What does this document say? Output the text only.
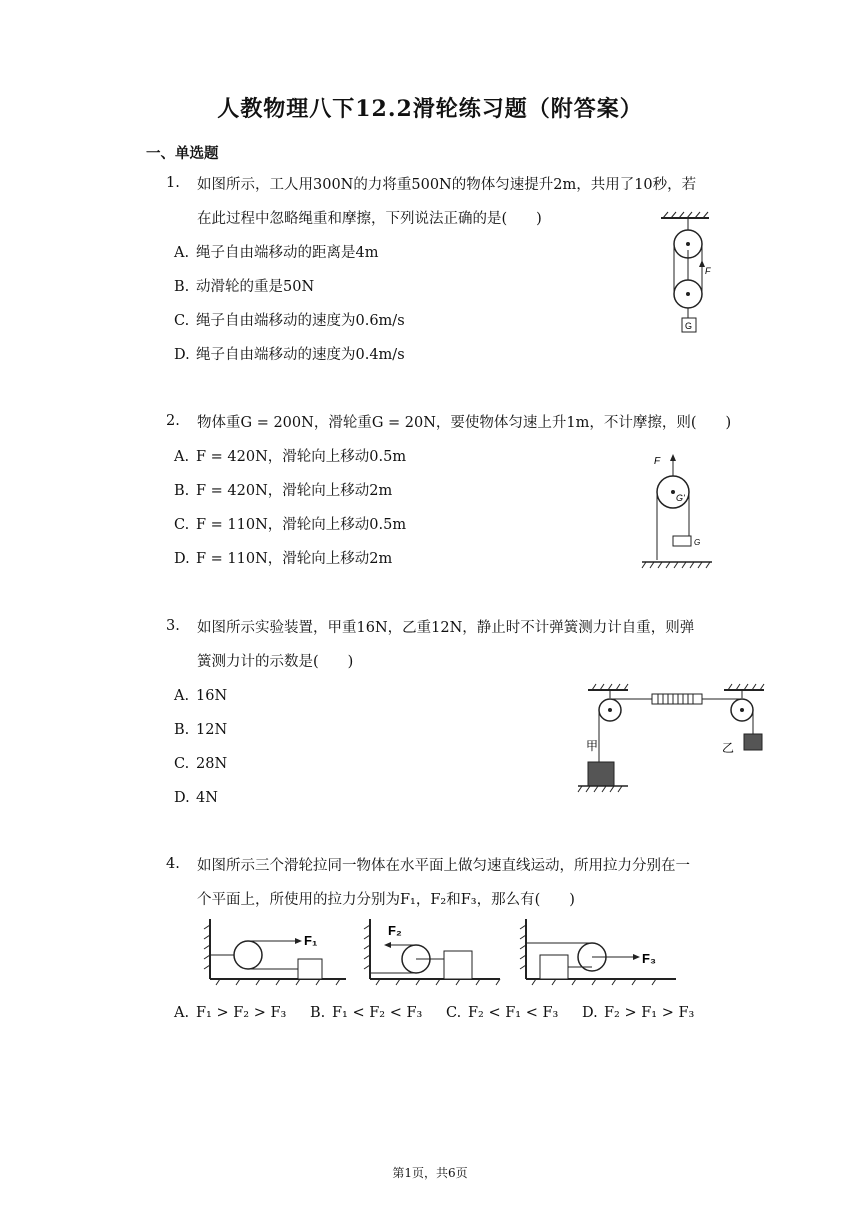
人教物理八下12.2滑轮练习题（附答案）
一、单选题
1. 如图所示，工人用300N的力将重500N的物体匀速提升2m，共用了10秒，若
在此过程中忽略绳重和摩擦，下列说法正确的是(  )
A. 绳子自由端移动的距离是4m
B. 动滑轮的重是50N
C. 绳子自由端移动的速度为0.6m/s
D. 绳子自由端移动的速度为0.4m/s
F
G
2. 物体重G = 200N，滑轮重G = 20N，要使物体匀速上升1m，不计摩擦，则(  )
A. F = 420N，滑轮向上移动0.5m
B. F = 420N，滑轮向上移动2m
C. F = 110N，滑轮向上移动0.5m
D. F = 110N，滑轮向上移动2m
F
G'
G
3. 如图所示实验装置，甲重16N，乙重12N，静止时不计弹簧测力计自重，则弹
簧测力计的示数是(  )
A. 16N
B. 12N
C. 28N
D. 4N
甲	乙
4. 如图所示三个滑轮拉同一物体在水平面上做匀速直线运动，所用拉力分别在一
个平面上，所使用的拉力分别为F₁，F₂和F₃，那么有(  )
F₁
F₂
F₃
A. F₁ > F₂ > F₃ B. F₁ < F₂ < F₃ C. F₂ < F₁ < F₃ D. F₂ > F₁ > F₃
第1页，共6页
